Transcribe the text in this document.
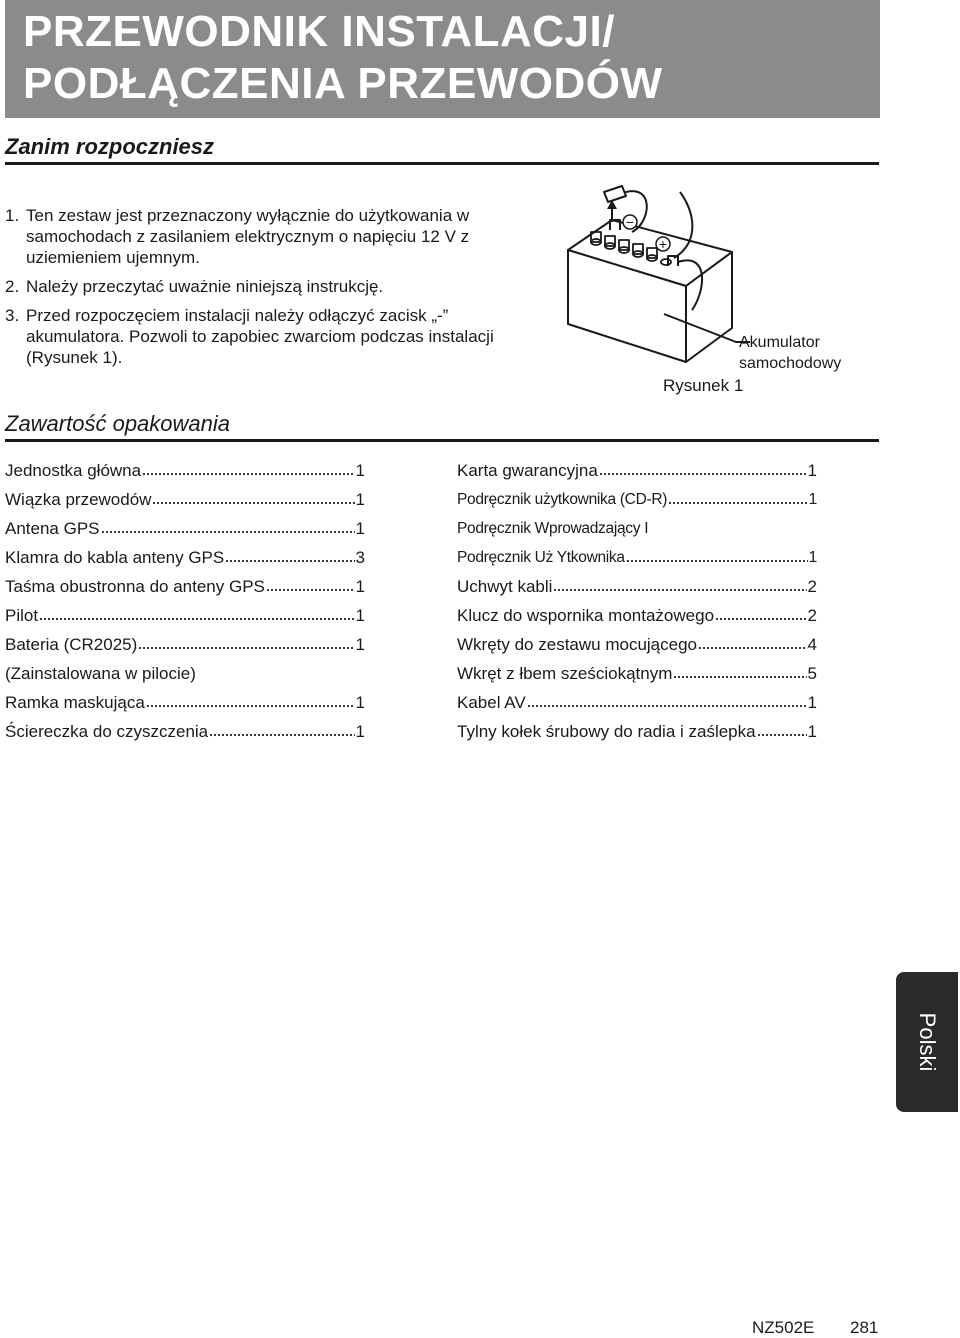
PRZEWODNIK INSTALACJI/
PODŁĄCZENIA PRZEWODÓW
Zanim rozpoczniesz
1. Ten zestaw jest przeznaczony wyłącznie do użytkowania w samochodach z zasilaniem elektrycznym o napięciu 12 V z uziemieniem ujemnym.
2. Należy przeczytać uważnie niniejszą instrukcję.
3. Przed rozpoczęciem instalacji należy odłączyć zacisk „-” akumulatora. Pozwoli to zapobiec zwarciom podczas instalacji (Rysunek 1).
−
+
Akumulator
samochodowy
Rysunek 1
Zawartość opakowania
Jednostka główna	1
Wiązka przewodów	1
Antena GPS	1
Klamra do kabla anteny GPS	3
Taśma obustronna do anteny GPS	1
Pilot	1
Bateria (CR2025)	1
(Zainstalowana w pilocie)
Ramka maskująca	1
Ściereczka do czyszczenia	1
Karta gwarancyjna	1
Podręcznik użytkownika (CD-R)	1
Podręcznik Wprowadzający I
Podręcznik Uż Ytkownika	1
Uchwyt kabli	2
Klucz do wspornika montażowego	2
Wkręty do zestawu mocującego	4
Wkręt z łbem sześciokątnym	5
Kabel AV	1
Tylny kołek śrubowy do radia i zaślepka	1
Polski
NZ502E 281
